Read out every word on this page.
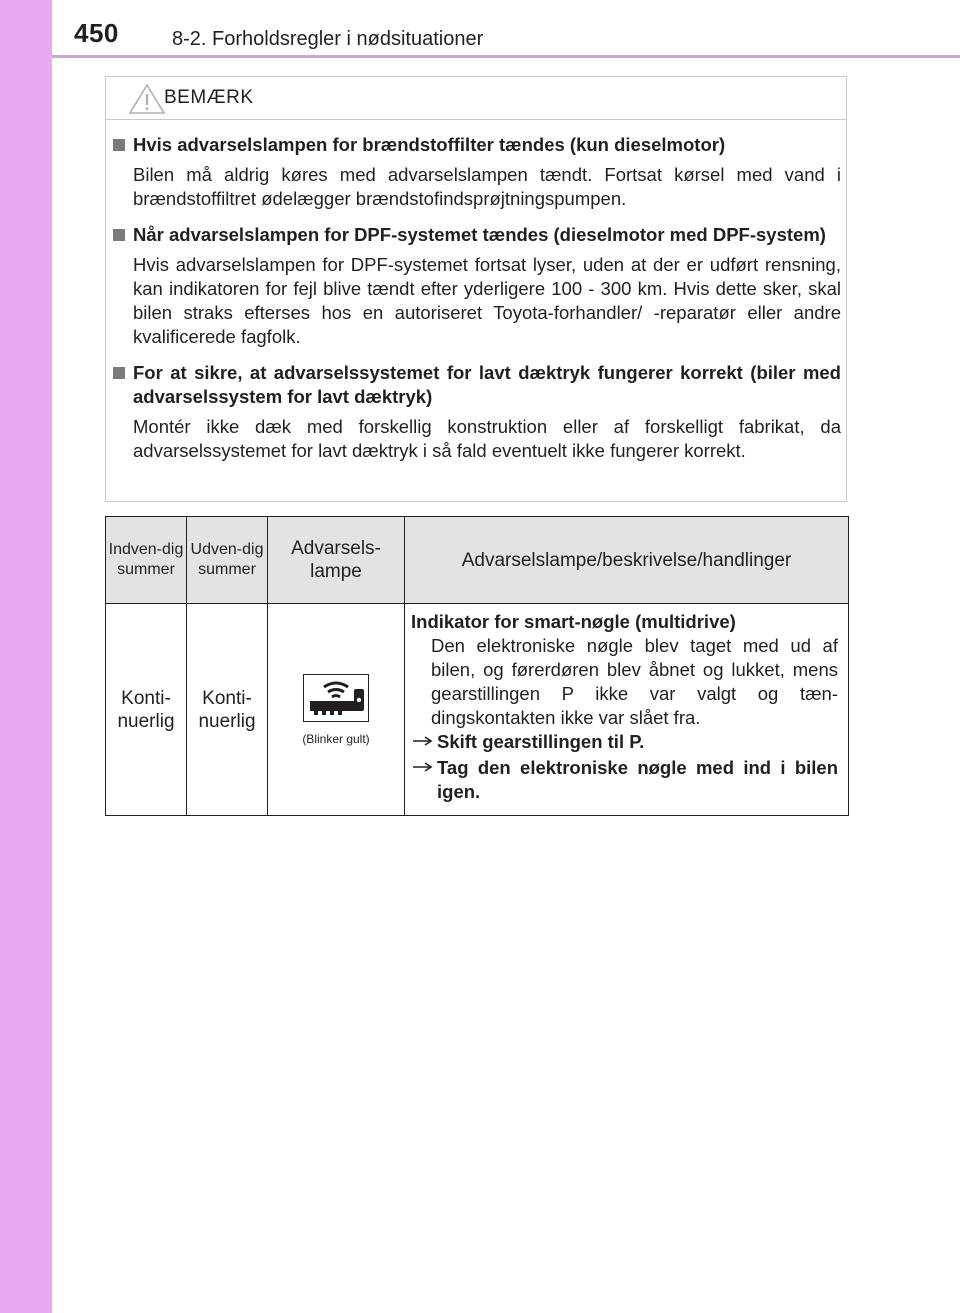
450	8-2. Forholdsregler i nødsituationer
BEMÆRK
Hvis advarselslampen for brændstoffilter tændes (kun dieselmotor)
Bilen må aldrig køres med advarselslampen tændt. Fortsat kørsel med vand i brændstoffiltret ødelægger brændstofindsprøjtningspumpen.
Når advarselslampen for DPF-systemet tændes (dieselmotor med DPF-system)
Hvis advarselslampen for DPF-systemet fortsat lyser, uden at der er udført rensning, kan indikatoren for fejl blive tændt efter yderligere 100 - 300 km. Hvis dette sker, skal bilen straks efterses hos en autoriseret Toyota-forhandler/ -reparatør eller andre kvalificerede fagfolk.
For at sikre, at advarselssystemet for lavt dæktryk fungerer korrekt (biler med advarselssystem for lavt dæktryk)
Montér ikke dæk med forskellig konstruktion eller af forskelligt fabrikat, da advarselssystemet for lavt dæktryk i så fald eventuelt ikke fungerer korrekt.
Indven-dig summer	Udven-dig summer	Advarsels-lampe	Advarselslampe/beskrivelse/handlinger
Konti-nuerlig	Konti-nuerlig	(Blinker gult)	Indikator for smart-nøgle (multidrive)
Den elektroniske nøgle blev taget med ud af bilen, og førerdøren blev åbnet og lukket, mens gearstillingen P ikke var valgt og tæn-dingskontakten ikke var slået fra.
Skift gearstillingen til P.
Tag den elektroniske nøgle med ind i bilen igen.
